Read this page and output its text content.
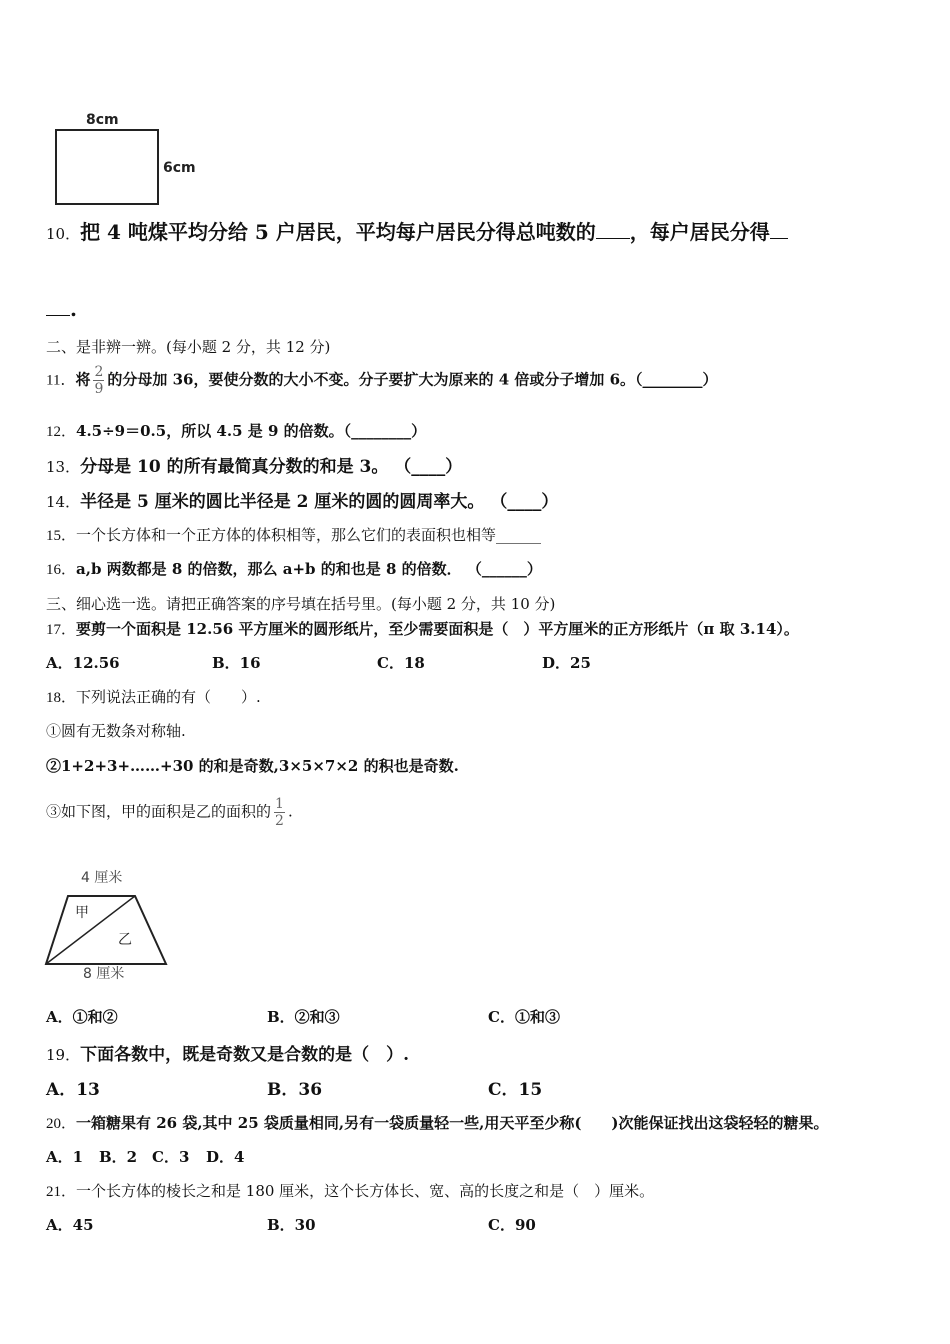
8cm
6cm
10．把 4 吨煤平均分给 5 户居民，平均每户居民分得总吨数的 ，每户居民分得
.
二、是非辨一辨。(每小题 2 分，共 12 分)
11．将 $\frac{2}{9}$ 的分母加 36，要使分数的大小不变。分子要扩大为原来的 4 倍或分子增加 6。（________）
12．4.5÷9＝0.5，所以 4.5 是 9 的倍数。（________）
13．分母是 10 的所有最简真分数的和是 3。 （____）
14．半径是 5 厘米的圆比半径是 2 厘米的圆的圆周率大。 （____）
15．一个长方体和一个正方体的体积相等，那么它们的表面积也相等______
16．a,b 两数都是 8 的倍数，那么 a+b 的和也是 8 的倍数． （______）
三、细心选一选。请把正确答案的序号填在括号里。(每小题 2 分，共 10 分)
17．要剪一个面积是 12.56 平方厘米的圆形纸片，至少需要面积是（　）平方厘米的正方形纸片（π 取 3.14）。
A．12.56	B．16	C．18	D．25
18．下列说法正确的有（　　）.
①圆有无数条对称轴.
②1+2+3+……+30 的和是奇数,3×5×7×2 的积也是奇数.
③如下图，甲的面积是乙的面积的 $\frac{1}{2}$ .
4 厘米
8 厘米
甲
乙
A．①和②	B．②和③	C．①和③
19．下面各数中，既是奇数又是合数的是（　）.
A．13	B．36	C．15
20．一箱糖果有 26 袋,其中 25 袋质量相同,另有一袋质量轻一些,用天平至少称(　　)次能保证找出这袋轻轻的糖果。
A．1 B．2 C．3 D．4
21．一个长方体的棱长之和是 180 厘米，这个长方体长、宽、高的长度之和是（　）厘米。
A．45	B．30	C．90
